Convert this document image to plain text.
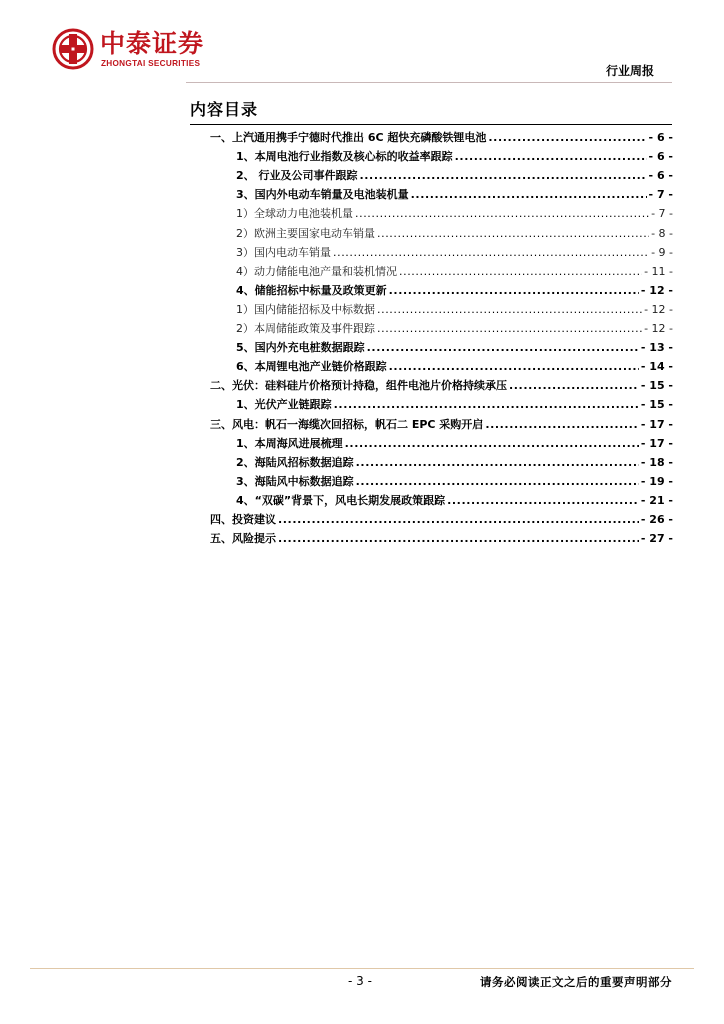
中泰证券
ZHONGTAI SECURITIES
行业周报
内容目录
一、上汽通用携手宁德时代推出 6C 超快充磷酸铁锂电池 .....	- 6 -
1、本周电池行业指数及核心标的收益率跟踪 .....	- 6 -
2、 行业及公司事件跟踪 .....	- 6 -
3、国内外电动车销量及电池装机量 .....	- 7 -
1）全球动力电池装机量 .....	- 7 -
2）欧洲主要国家电动车销量 .....	- 8 -
3）国内电动车销量 .....	- 9 -
4）动力储能电池产量和装机情况 .....	- 11 -
4、储能招标中标量及政策更新 .....	- 12 -
1）国内储能招标及中标数据 .....	- 12 -
2）本周储能政策及事件跟踪 .....	- 12 -
5、国内外充电桩数据跟踪 .....	- 13 -
6、本周锂电池产业链价格跟踪 .....	- 14 -
二、光伏：硅料硅片价格预计持稳，组件电池片价格持续承压 .....	- 15 -
1、光伏产业链跟踪 .....	- 15 -
三、风电：帆石一海缆次回招标，帆石二 EPC 采购开启 .....	- 17 -
1、本周海风进展梳理 .....	- 17 -
2、海陆风招标数据追踪 .....	- 18 -
3、海陆风中标数据追踪 .....	- 19 -
4、“双碳”背景下，风电长期发展政策跟踪 .....	- 21 -
四、投资建议 .....	- 26 -
五、风险提示 .....	- 27 -
- 3 -	请务必阅读正文之后的重要声明部分
